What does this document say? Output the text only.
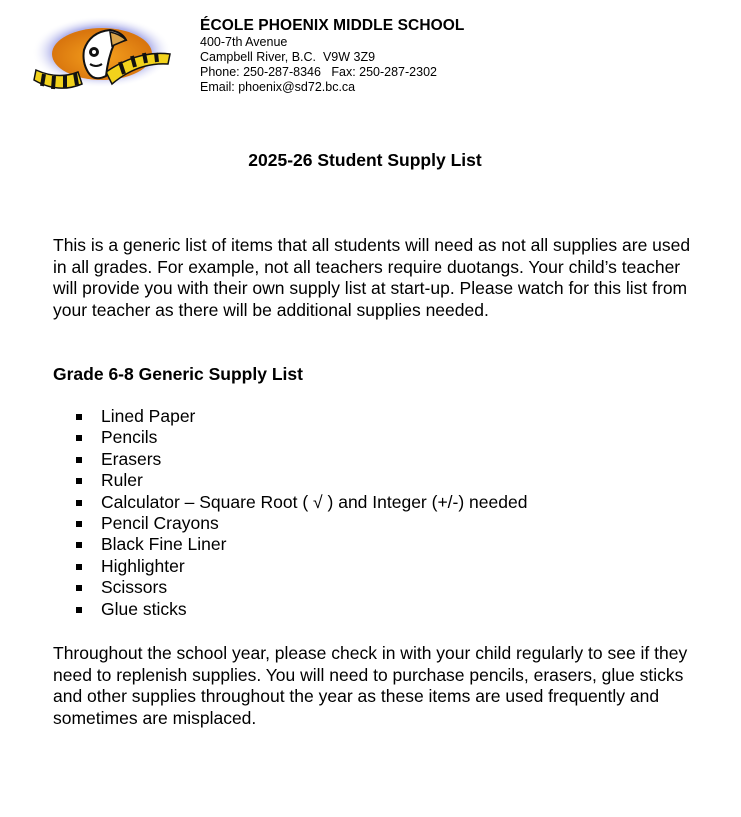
ÉCOLE PHOENIX MIDDLE SCHOOL
400-7th Avenue
Campbell River, B.C.  V9W 3Z9
Phone: 250-287-8346   Fax: 250-287-2302
Email: phoenix@sd72.bc.ca
2025-26 Student Supply List

This is a generic list of items that all students will need as not all supplies are used in all grades. For example, not all teachers require duotangs. Your child’s teacher will provide you with their own supply list at start-up. Please watch for this list from your teacher as there will be additional supplies needed.

Grade 6-8 Generic Supply List
Lined Paper
Pencils
Erasers
Ruler
Calculator – Square Root ( √ ) and Integer (+/-) needed
Pencil Crayons
Black Fine Liner
Highlighter
Scissors
Glue sticks

Throughout the school year, please check in with your child regularly to see if they need to replenish supplies. You will need to purchase pencils, erasers, glue sticks and other supplies throughout the year as these items are used frequently and sometimes are misplaced.
